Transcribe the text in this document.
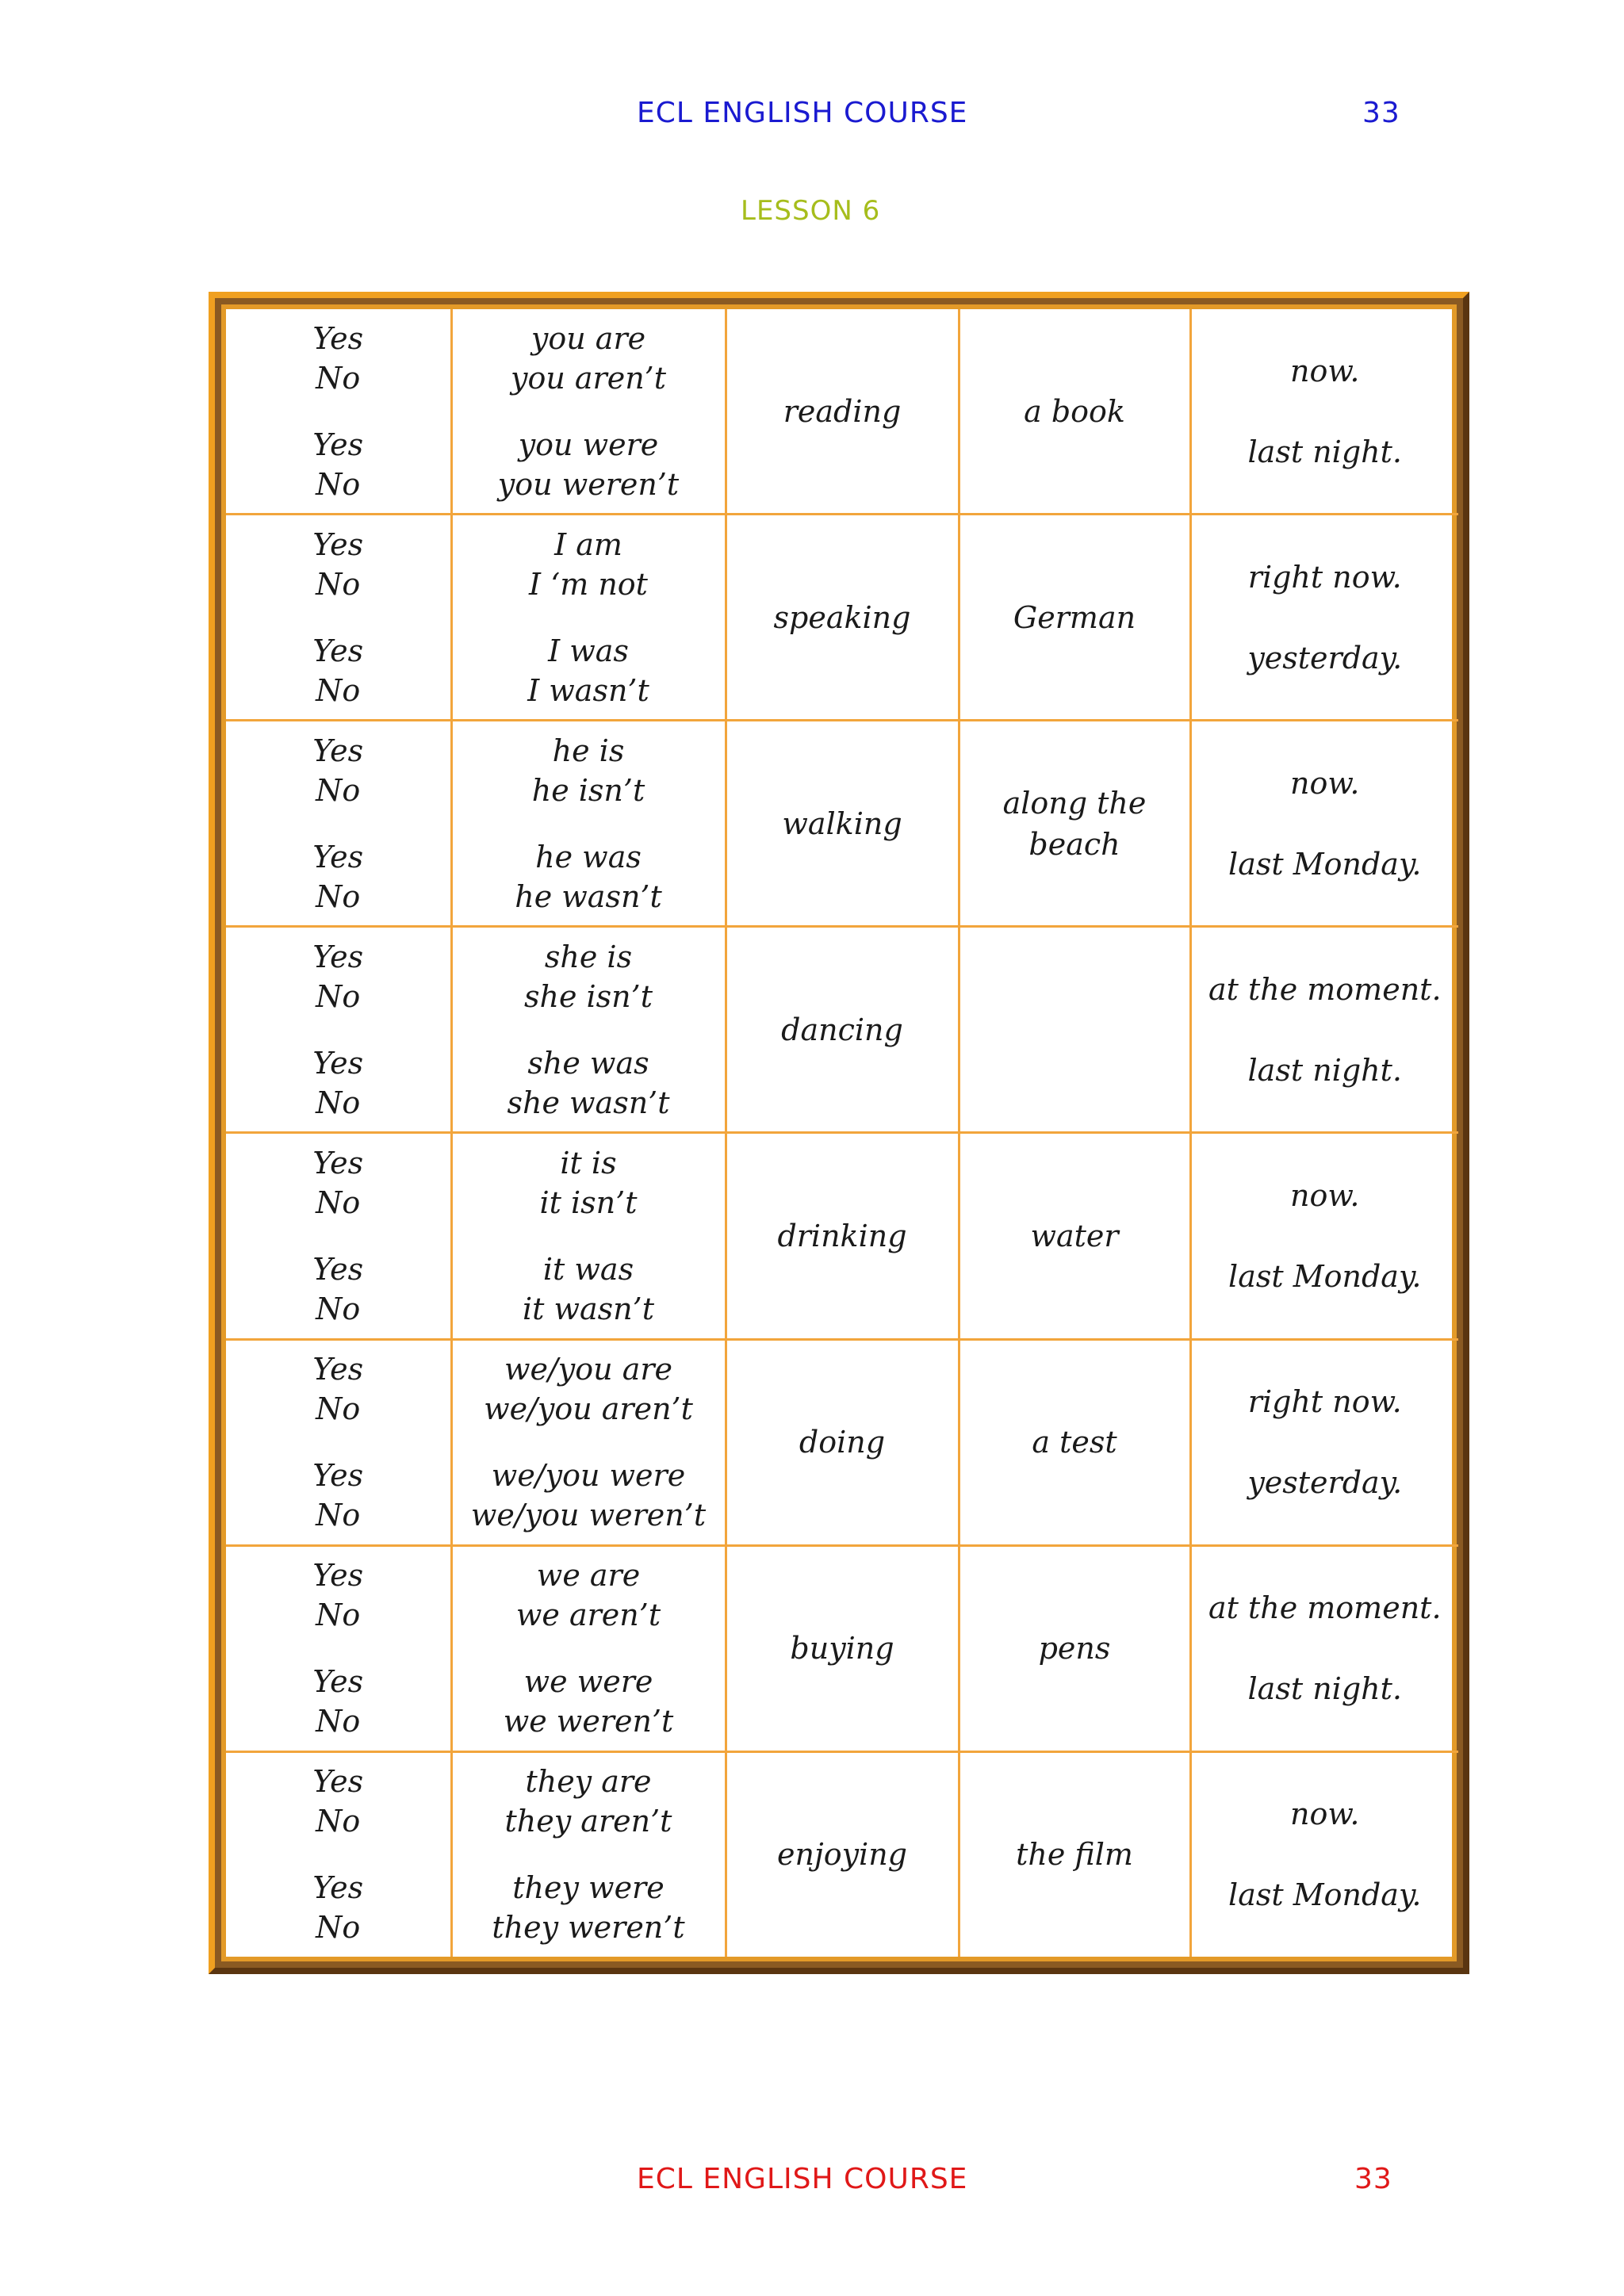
ECL ENGLISH COURSE	33
LESSON 6
Yes
No
Yes
No	you are
you aren’t
you were
you weren’t	reading	a book	now.
last night.

Yes
No
Yes
No	I am
I ‘m not
I was
I wasn’t	speaking	German	right now.
yesterday.

Yes
No
Yes
No	he is
he isn’t
he was
he wasn’t	walking	along the
beach	now.
last Monday.

Yes
No
Yes
No	she is
she isn’t
she was
she wasn’t	dancing		at the moment.
last night.

Yes
No
Yes
No	it is
it isn’t
it was
it wasn’t	drinking	water	now.
last Monday.

Yes
No
Yes
No	we/you are
we/you aren’t
we/you were
we/you weren’t	doing	a test	right now.
yesterday.

Yes
No
Yes
No	we are
we aren’t
we were
we weren’t	buying	pens	at the moment.
last night.

Yes
No
Yes
No	they are
they aren’t
they were
they weren’t	enjoying	the film	now.
last Monday.
ECL ENGLISH COURSE	33
